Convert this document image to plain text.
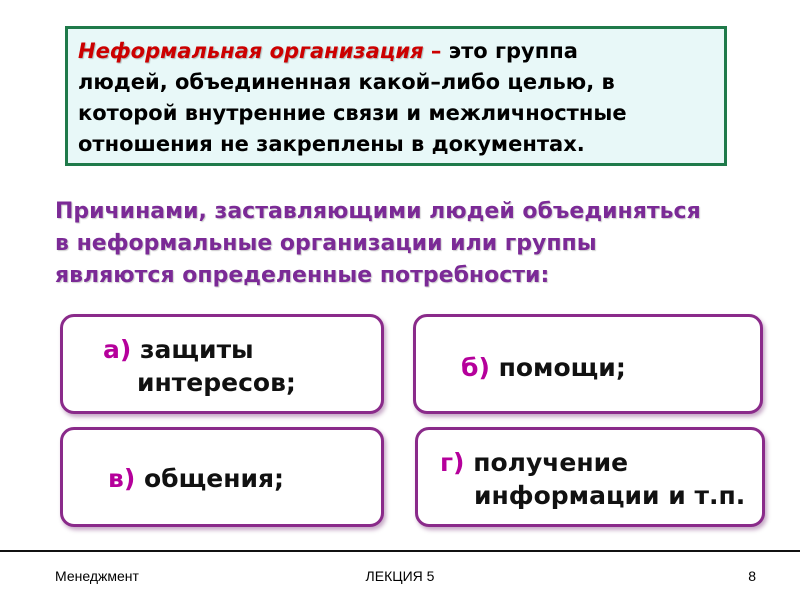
Неформальная организация – это группа
людей, объединенная какой–либо целью, в
которой внутренние связи и межличностные
отношения не закреплены в документах.
Причинами, заставляющими людей объединяться
в неформальные организации или группы
являются определенные потребности:
а) защиты
интересов;
б) помощи;
в) общения;
г) получение
информации и т.п.
Менеджмент	ЛЕКЦИЯ 5	8
